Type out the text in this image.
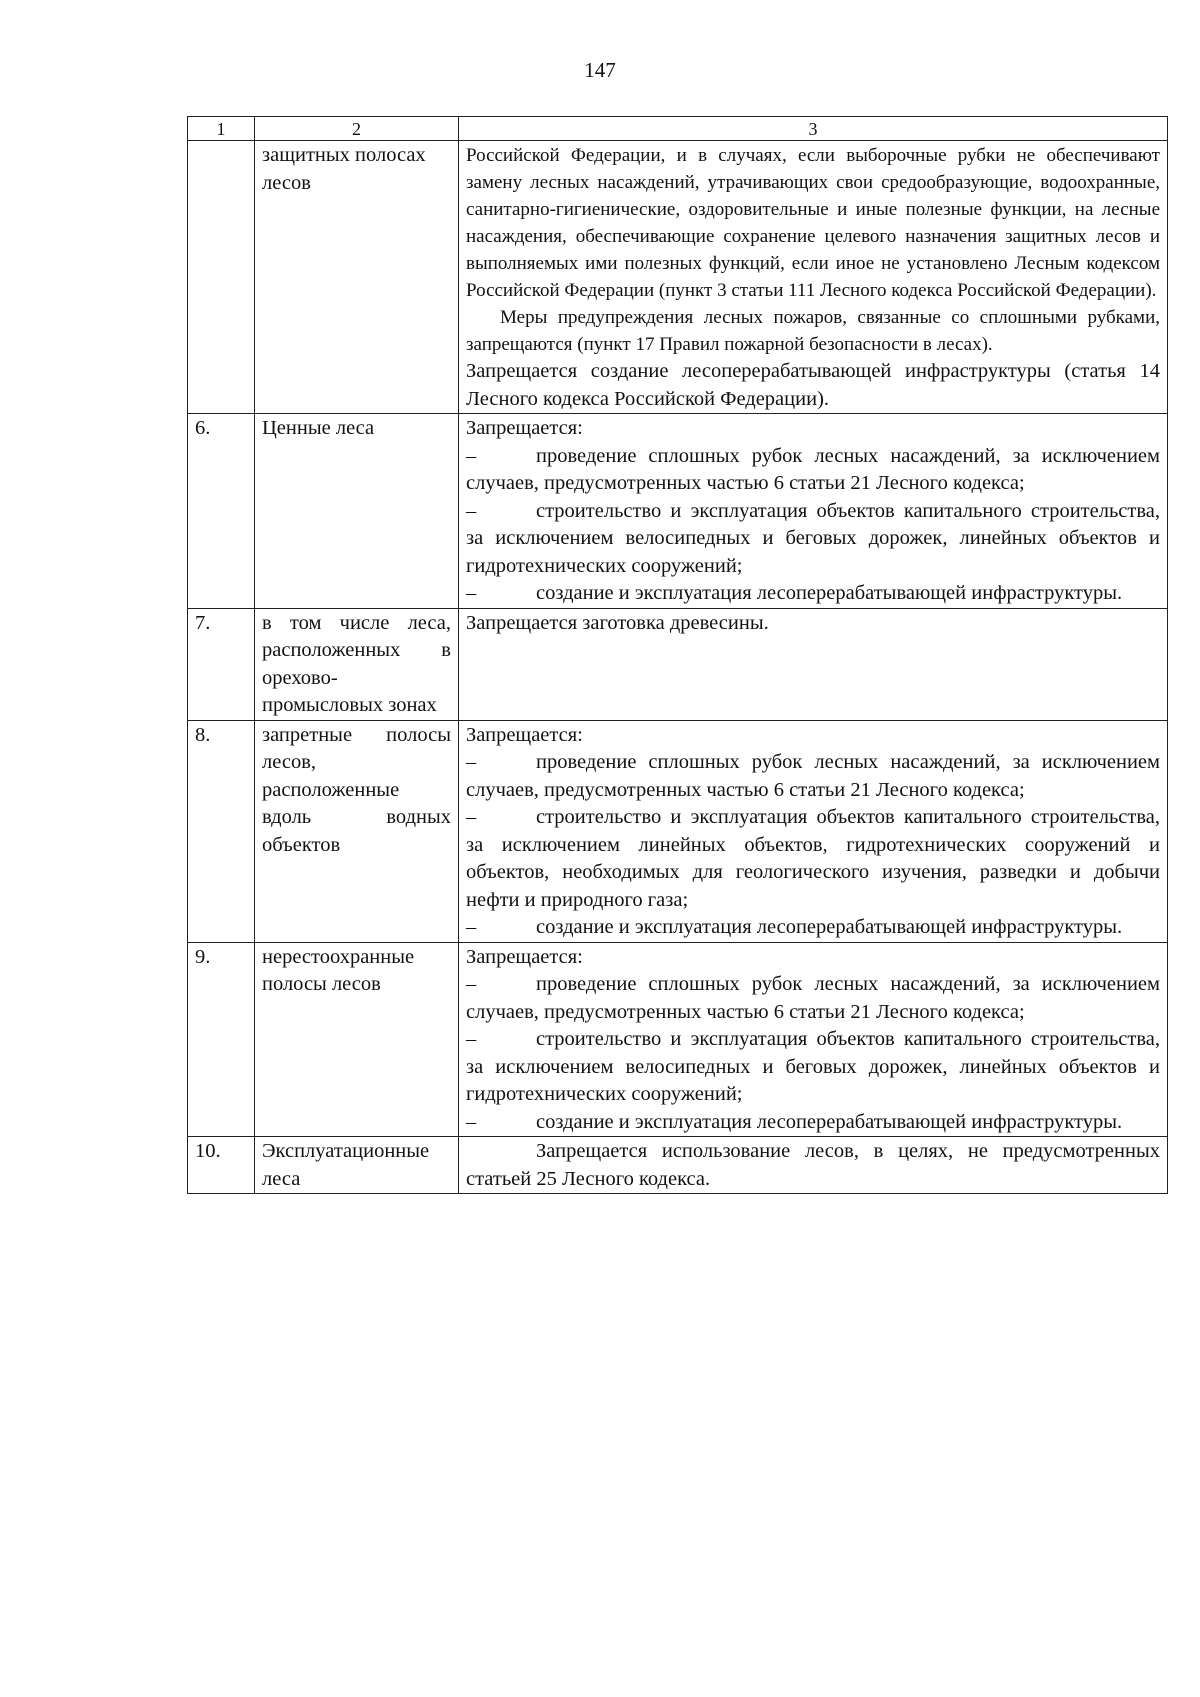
147
1	2	3
	защитных полосах лесов	Российской Федерации, и в случаях, если выборочные рубки не обеспечивают замену лесных насаждений, утрачивающих свои средообразующие, водоохранные, санитарно-гигиенические, оздоровительные и иные полезные функции, на лесные насаждения, обеспечивающие сохранение целевого назначения защитных лесов и выполняемых ими полезных функций, если иное не установлено Лесным кодексом Российской Федерации (пункт 3 статьи 111 Лесного кодекса Российской Федерации).
Меры предупреждения лесных пожаров, связанные со сплошными рубками, запрещаются (пункт 17 Правил пожарной безопасности в лесах).
Запрещается создание лесоперерабатывающей инфраструктуры (статья 14 Лесного кодекса Российской Федерации).

6.	Ценные леса	Запрещается:
– проведение сплошных рубок лесных насаждений, за исключением случаев, предусмотренных частью 6 статьи 21 Лесного кодекса;
– строительство и эксплуатация объектов капитального строительства, за исключением велосипедных и беговых дорожек, линейных объектов и гидротехнических сооружений;
– создание и эксплуатация лесоперерабатывающей инфраструктуры.

7.	в том числе леса, расположенных в орехово-промысловых зонах	Запрещается заготовка древесины.

8.	запретные полосы лесов, расположенные вдоль водных объектов	Запрещается:
– проведение сплошных рубок лесных насаждений, за исключением случаев, предусмотренных частью 6 статьи 21 Лесного кодекса;
– строительство и эксплуатация объектов капитального строительства, за исключением линейных объектов, гидротехнических сооружений и объектов, необходимых для геологического изучения, разведки и добычи нефти и природного газа;
– создание и эксплуатация лесоперерабатывающей инфраструктуры.

9.	нерестоохранные полосы лесов	Запрещается:
– проведение сплошных рубок лесных насаждений, за исключением случаев, предусмотренных частью 6 статьи 21 Лесного кодекса;
– строительство и эксплуатация объектов капитального строительства, за исключением велосипедных и беговых дорожек, линейных объектов и гидротехнических сооружений;
– создание и эксплуатация лесоперерабатывающей инфраструктуры.

10.	Эксплуатационные леса	Запрещается использование лесов, в целях, не предусмотренных статьей 25 Лесного кодекса.
